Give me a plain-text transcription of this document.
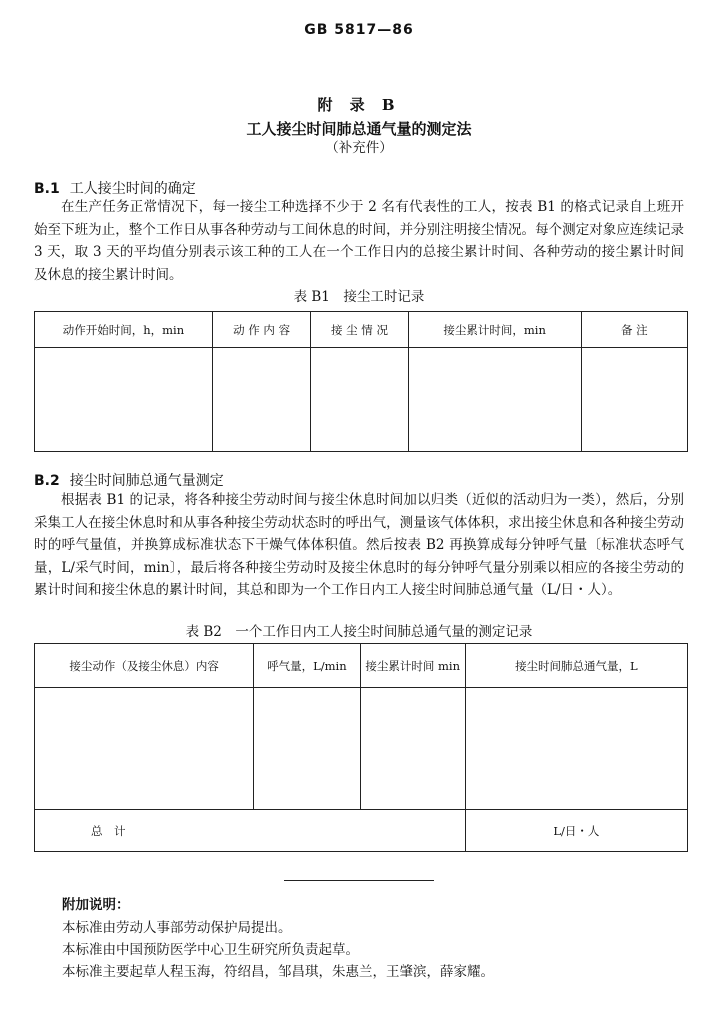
GB 5817—86
附 录 B
工人接尘时间肺总通气量的测定法
（补充件）
B.1 工人接尘时间的确定
在生产任务正常情况下，每一接尘工种选择不少于 2 名有代表性的工人，按表 B1 的格式记录自上班开始至下班为止，整个工作日从事各种劳动与工间休息的时间，并分别注明接尘情况。每个测定对象应连续记录 3 天，取 3 天的平均值分别表示该工种的工人在一个工作日内的总接尘累计时间、各种劳动的接尘累计时间及休息的接尘累计时间。
表 B1　接尘工时记录
动作开始时间，h，min	动 作 内 容	接 尘 情 况	接尘累计时间，min	备 注

B.2 接尘时间肺总通气量测定
根据表 B1 的记录，将各种接尘劳动时间与接尘休息时间加以归类（近似的活动归为一类），然后，分别采集工人在接尘休息时和从事各种接尘劳动状态时的呼出气，测量该气体体积，求出接尘休息和各种接尘劳动时的呼气量值，并换算成标准状态下干燥气体体积值。然后按表 B2 再换算成每分钟呼气量〔标准状态呼气量，L/采气时间，min〕，最后将各种接尘劳动时及接尘休息时的每分钟呼气量分别乘以相应的各接尘劳动的累计时间和接尘休息的累计时间，其总和即为一个工作日内工人接尘时间肺总通气量（L/日・人）。
表 B2　一个工作日内工人接尘时间肺总通气量的测定记录
接尘动作（及接尘休息）内容	呼气量，L/min	接尘累计时间 min	接尘时间肺总通气量，L

总　计			L/日・人
附加说明：
本标准由劳动人事部劳动保护局提出。
本标准由中国预防医学中心卫生研究所负责起草。
本标准主要起草人程玉海，符绍昌，邹昌琪，朱惠兰，王肇滨，薛家耀。
